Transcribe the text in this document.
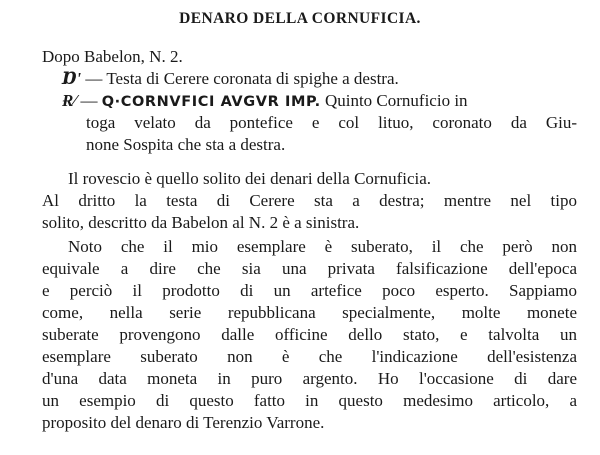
DENARO DELLA CORNUFICIA.
Dopo Babelon, N. 2.
Ɒ' — Testa di Cerere coronata di spighe a destra.
Ɍ⁄ — Q·CORNVFICI AVGVR IMP. Quinto Cornuficio in
toga velato da pontefice e col lituo, coronato da Giu-
none Sospita che sta a destra.
Il rovescio è quello solito dei denari della Cornuficia.
Al dritto la testa di Cerere sta a destra; mentre nel tipo
solito, descritto da Babelon al N. 2 è a sinistra.
Noto che il mio esemplare è suberato, il che però non
equivale a dire che sia una privata falsificazione dell'epoca
e perciò il prodotto di un artefice poco esperto. Sappiamo
come, nella serie repubblicana specialmente, molte monete
suberate provengono dalle officine dello stato, e talvolta un
esemplare suberato non è che l'indicazione dell'esistenza
d'una data moneta in puro argento. Ho l'occasione di dare
un esempio di questo fatto in questo medesimo articolo, a
proposito del denaro di Terenzio Varrone.
